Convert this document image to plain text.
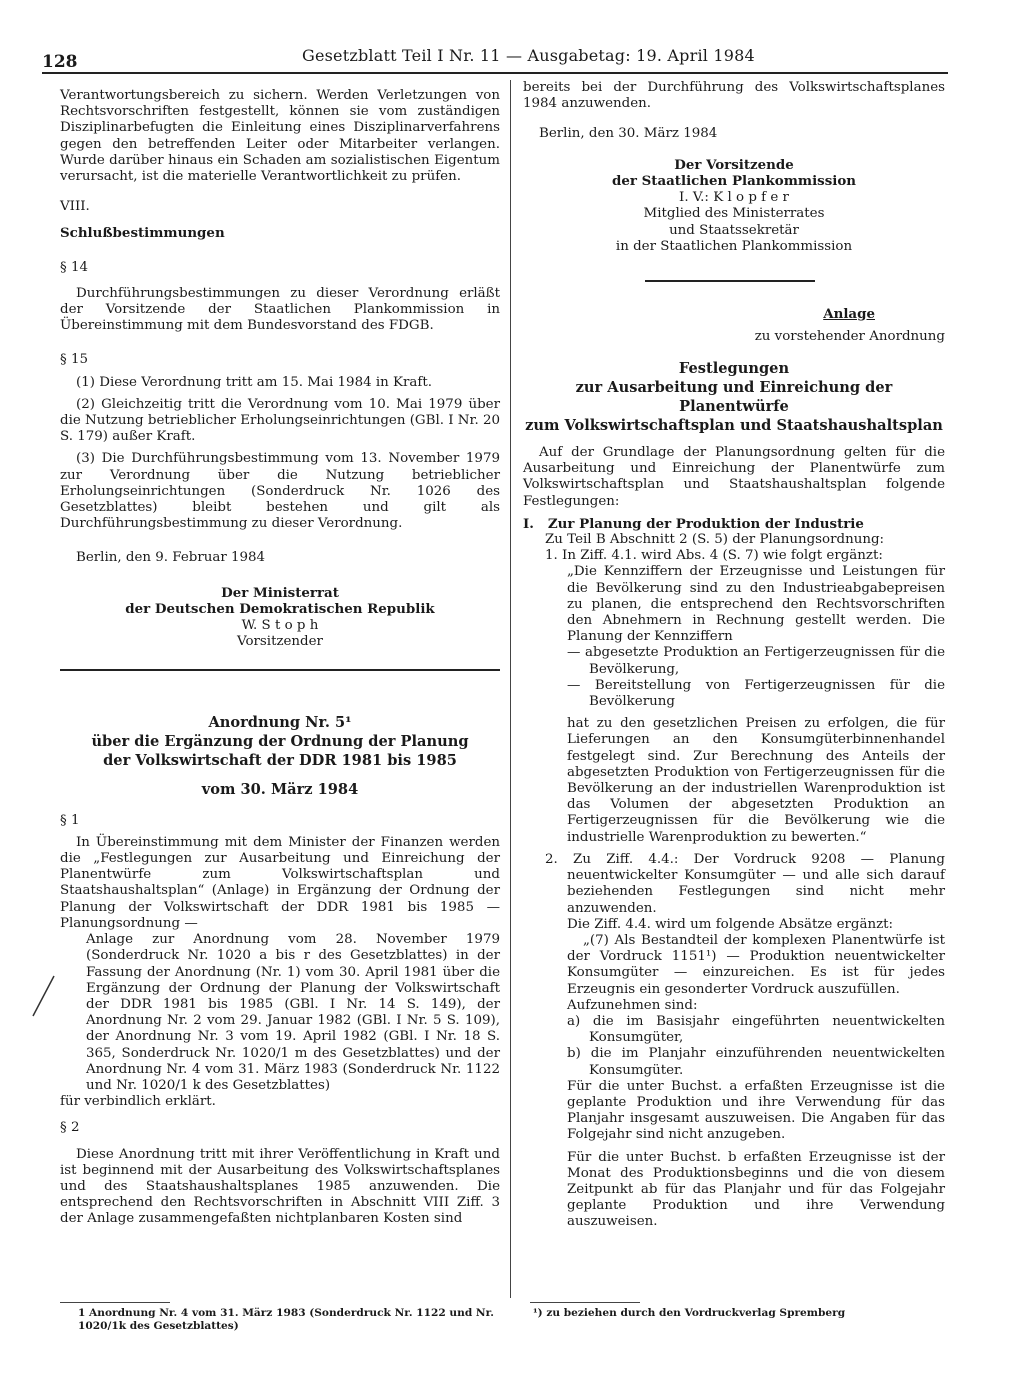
128	Gesetzblatt Teil I Nr. 11 — Ausgabetag: 19. April 1984

Verantwortungsbereich zu sichern. Werden Verletzungen von Rechtsvorschriften festgestellt, können sie vom zuständigen Disziplinarbefugten die Einleitung eines Disziplinarverfahrens gegen den betreffenden Leiter oder Mitarbeiter verlangen. Wurde darüber hinaus ein Schaden am sozialistischen Eigentum verursacht, ist die materielle Verantwortlichkeit zu prüfen.

VIII.

Schlußbestimmungen

§ 14

Durchführungsbestimmungen zu dieser Verordnung erläßt der Vorsitzende der Staatlichen Plankommission in Übereinstimmung mit dem Bundesvorstand des FDGB.

§ 15

(1) Diese Verordnung tritt am 15. Mai 1984 in Kraft.

(2) Gleichzeitig tritt die Verordnung vom 10. Mai 1979 über die Nutzung betrieblicher Erholungseinrichtungen (GBl. I Nr. 20 S. 179) außer Kraft.

(3) Die Durchführungsbestimmung vom 13. November 1979 zur Verordnung über die Nutzung betrieblicher Erholungseinrichtungen (Sonderdruck Nr. 1026 des Gesetzblattes) bleibt bestehen und gilt als Durchführungsbestimmung zu dieser Verordnung.

Berlin, den 9. Februar 1984

Der Ministerrat
der Deutschen Demokratischen Republik
W. S t o p h
Vorsitzender
Anordnung Nr. 5¹
über die Ergänzung der Ordnung der Planung
der Volkswirtschaft der DDR 1981 bis 1985
vom 30. März 1984

§ 1

In Übereinstimmung mit dem Minister der Finanzen werden die „Festlegungen zur Ausarbeitung und Einreichung der Planentwürfe zum Volkswirtschaftsplan und Staatshaushaltsplan“ (Anlage) in Ergänzung der Ordnung der Planung der Volkswirtschaft der DDR 1981 bis 1985 — Planungsordnung —

Anlage zur Anordnung vom 28. November 1979 (Sonderdruck Nr. 1020 a bis r des Gesetzblattes) in der Fassung der Anordnung (Nr. 1) vom 30. April 1981 über die Ergänzung der Ordnung der Planung der Volkswirtschaft der DDR 1981 bis 1985 (GBl. I Nr. 14 S. 149), der Anordnung Nr. 2 vom 29. Januar 1982 (GBl. I Nr. 5 S. 109), der Anordnung Nr. 3 vom 19. April 1982 (GBl. I Nr. 18 S. 365, Sonderdruck Nr. 1020/1 m des Gesetzblattes) und der Anordnung Nr. 4 vom 31. März 1983 (Sonderdruck Nr. 1122 und Nr. 1020/1 k des Gesetzblattes)

für verbindlich erklärt.

§ 2

Diese Anordnung tritt mit ihrer Veröffentlichung in Kraft und ist beginnend mit der Ausarbeitung des Volkswirtschaftsplanes und des Staatshaushaltsplanes 1985 anzuwenden. Die entsprechend den Rechtsvorschriften in Abschnitt VIII Ziff. 3 der Anlage zusammengefaßten nichtplanbaren Kosten sind

1 Anordnung Nr. 4 vom 31. März 1983 (Sonderdruck Nr. 1122 und Nr. 1020/1k des Gesetzblattes)

bereits bei der Durchführung des Volkswirtschaftsplanes 1984 anzuwenden.

Berlin, den 30. März 1984

Der Vorsitzende
der Staatlichen Plankommission
I. V.: K l o p f e r
Mitglied des Ministerrates
und Staatssekretär
in der Staatlichen Plankommission
Anlage
zu vorstehender Anordnung
Festlegungen
zur Ausarbeitung und Einreichung der Planentwürfe
zum Volkswirtschaftsplan und Staatshaushaltsplan

Auf der Grundlage der Planungsordnung gelten für die Ausarbeitung und Einreichung der Planentwürfe zum Volkswirtschaftsplan und Staatshaushaltsplan folgende Festlegungen:

I.   Zur Planung der Produktion der Industrie

Zu Teil B Abschnitt 2 (S. 5) der Planungsordnung:

1. In Ziff. 4.1. wird Abs. 4 (S. 7) wie folgt ergänzt:

„Die Kennziffern der Erzeugnisse und Leistungen für die Bevölkerung sind zu den Industrieabgabepreisen zu planen, die entsprechend den Rechtsvorschriften den Abnehmern in Rechnung gestellt werden. Die Planung der Kennziffern

— abgesetzte Produktion an Fertigerzeugnissen für die Bevölkerung,

— Bereitstellung von Fertigerzeugnissen für die Bevölkerung

hat zu den gesetzlichen Preisen zu erfolgen, die für Lieferungen an den Konsumgüterbinnenhandel festgelegt sind. Zur Berechnung des Anteils der abgesetzten Produktion von Fertigerzeugnissen für die Bevölkerung an der industriellen Warenproduktion ist das Volumen der abgesetzten Produktion an Fertigerzeugnissen für die Bevölkerung wie die industrielle Warenproduktion zu bewerten.“

2. Zu Ziff. 4.4.: Der Vordruck 9208 — Planung neuentwickelter Konsumgüter — und alle sich darauf beziehenden Festlegungen sind nicht mehr anzuwenden.

Die Ziff. 4.4. wird um folgende Absätze ergänzt:

„(7) Als Bestandteil der komplexen Planentwürfe ist der Vordruck 1151¹) — Produktion neuentwickelter Konsumgüter — einzureichen. Es ist für jedes Erzeugnis ein gesonderter Vordruck auszufüllen.

Aufzunehmen sind:

a) die im Basisjahr eingeführten neuentwickelten Konsumgüter,

b) die im Planjahr einzuführenden neuentwickelten Konsumgüter.

Für die unter Buchst. a erfaßten Erzeugnisse ist die geplante Produktion und ihre Verwendung für das Planjahr insgesamt auszuweisen. Die Angaben für das Folgejahr sind nicht anzugeben.

Für die unter Buchst. b erfaßten Erzeugnisse ist der Monat des Produktionsbeginns und die von diesem Zeitpunkt ab für das Planjahr und für das Folgejahr geplante Produktion und ihre Verwendung auszuweisen.

¹) zu beziehen durch den Vordruckverlag Spremberg
